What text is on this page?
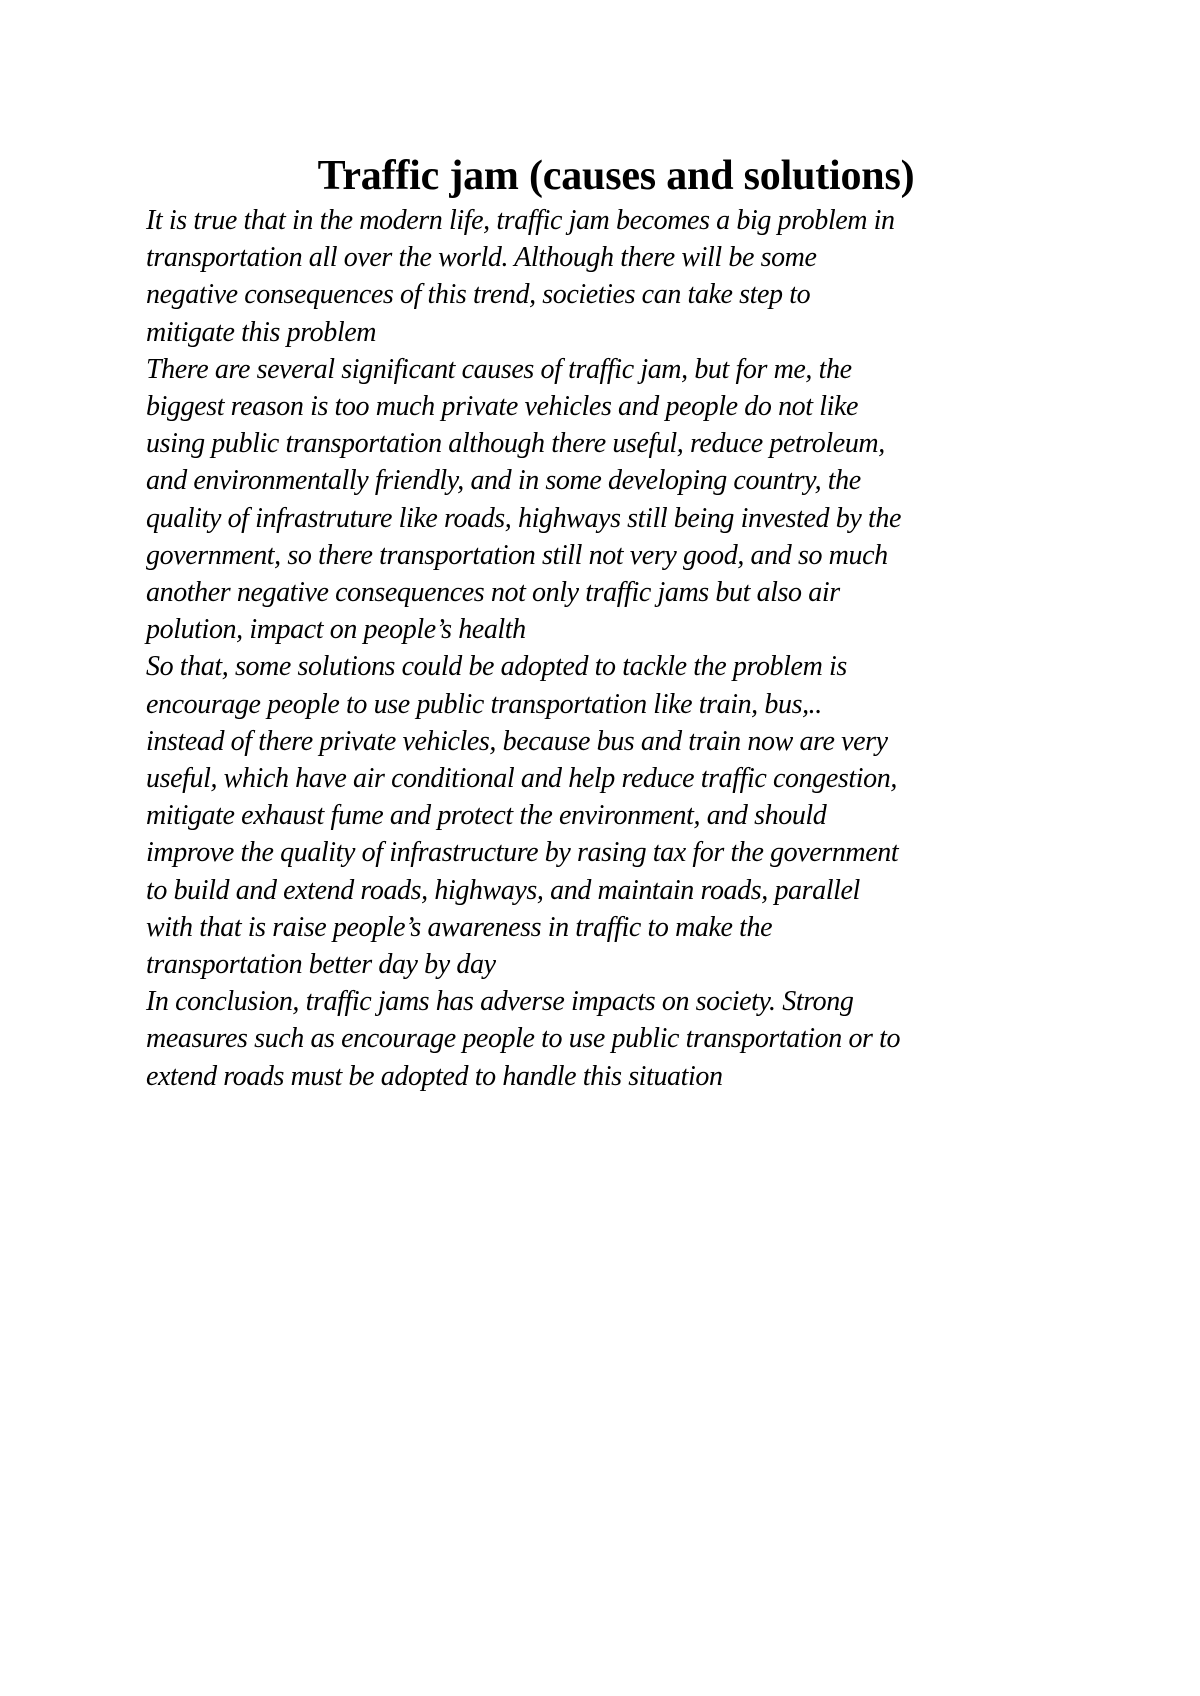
Traffic jam (causes and solutions)
It is true that in the modern life, traffic jam becomes a big problem in
transportation all over the world. Although there will be some
negative consequences of this trend, societies can take step to
mitigate this problem
There are several significant causes of traffic jam, but for me, the
biggest reason is too much private vehicles and people do not like
using public transportation although there useful, reduce petroleum,
and environmentally friendly, and in some developing country, the
quality of infrastruture like roads, highways still being invested by the
government, so there transportation still not very good, and so much
another negative consequences not only traffic jams but also air
polution, impact on people’s health
So that, some solutions could be adopted to tackle the problem is
encourage people to use public transportation like train, bus,..
instead of there private vehicles, because bus and train now are very
useful, which have air conditional and help reduce traffic congestion,
mitigate exhaust fume and protect the environment, and should
improve the quality of infrastructure by rasing tax for the government
to build and extend roads, highways, and maintain roads, parallel
with that is raise people’s awareness in traffic to make the
transportation better day by day
In conclusion, traffic jams has adverse impacts on society. Strong
measures such as encourage people to use public transportation or to
extend roads must be adopted to handle this situation
